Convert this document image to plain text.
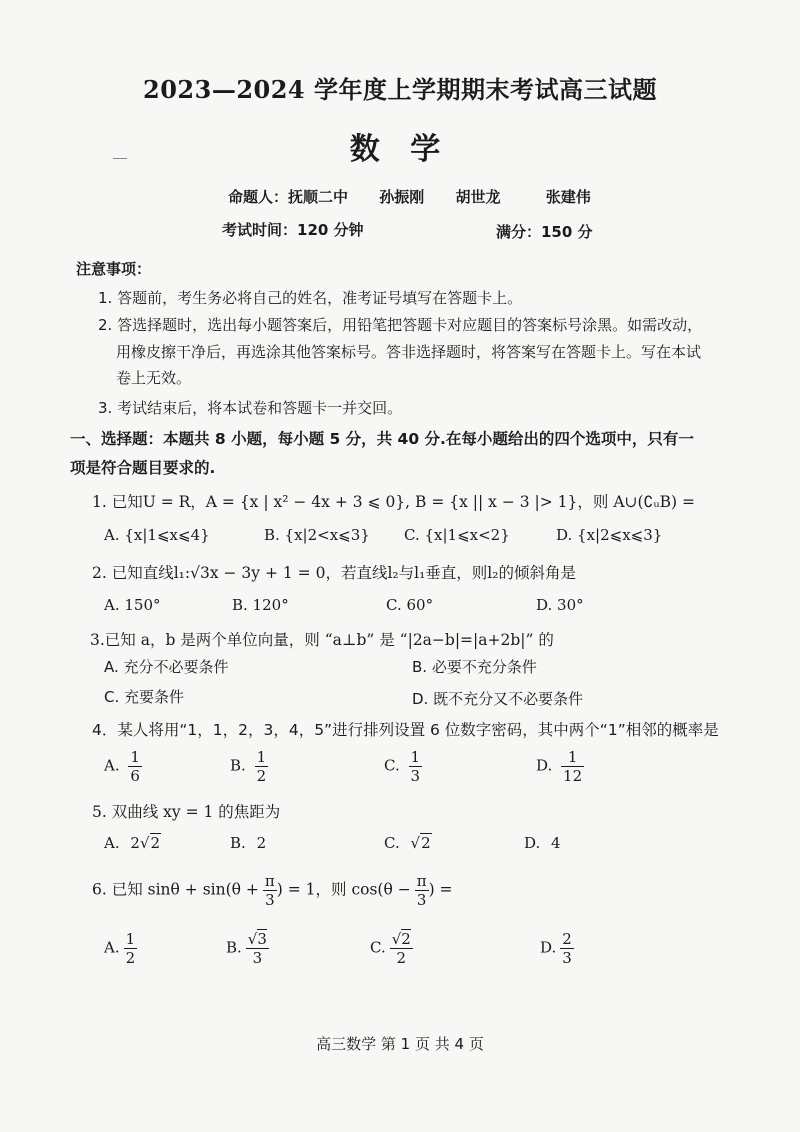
2023—2024 学年度上学期期末考试高三试题
数 学
命题人：抚顺二中 孙振刚 胡世龙	张建伟
考试时间：120 分钟	满分：150 分
注意事项：
1. 答题前，考生务必将自己的姓名，准考证号填写在答题卡上。
2. 答选择题时，选出每小题答案后，用铅笔把答题卡对应题目的答案标号涂黑。如需改动，
用橡皮擦干净后，再选涂其他答案标号。答非选择题时，将答案写在答题卡上。写在本试
卷上无效。
3. 考试结束后，将本试卷和答题卡一并交回。
一、选择题：本题共 8 小题，每小题 5 分，共 40 分.在每小题给出的四个选项中，只有一
项是符合题目要求的.
1. 已知U = R，A = {x | x² − 4x + 3 ⩽ 0}, B = {x || x − 3 |> 1}，则 A∪(∁ᵤB) =
A. {x|1⩽x⩽4}	B. {x|2<x⩽3} C. {x|1⩽x<2}	D. {x|2⩽x⩽3}
2. 已知直线l₁:√3x − 3y + 1 = 0，若直线l₂与l₁垂直，则l₂的倾斜角是
A. 150°	B. 120°	C. 60°	D. 30°
3.已知 a，b 是两个单位向量，则 “a⊥b” 是 “|2a−b|=|a+2b|” 的
A. 充分不必要条件	B. 必要不充分条件
C. 充要条件	D. 既不充分又不必要条件
4．某人将用“1，1，2，3，4，5”进行排列设置 6 位数字密码，其中两个“1”相邻的概率是
A. $\frac{1}{6}$	B. $\frac{1}{2}$	C. $\frac{1}{3}$	D. $\frac{1}{12}$
5. 双曲线 xy = 1 的焦距为
A. 2√2	B. 2	C. √2	D. 4
6. 已知 $\sin\theta + \sin(\theta + \frac{\pi}{3}$ ) = 1，则 $\cos(\theta - \frac{\pi}{3}$ ) =
A. $\frac{1}{2}$	B. $\frac{√3}{3}$	C. $\frac{√2}{2}$	D. $\frac{2}{3}$
高三数学 第 1 页 共 4 页
